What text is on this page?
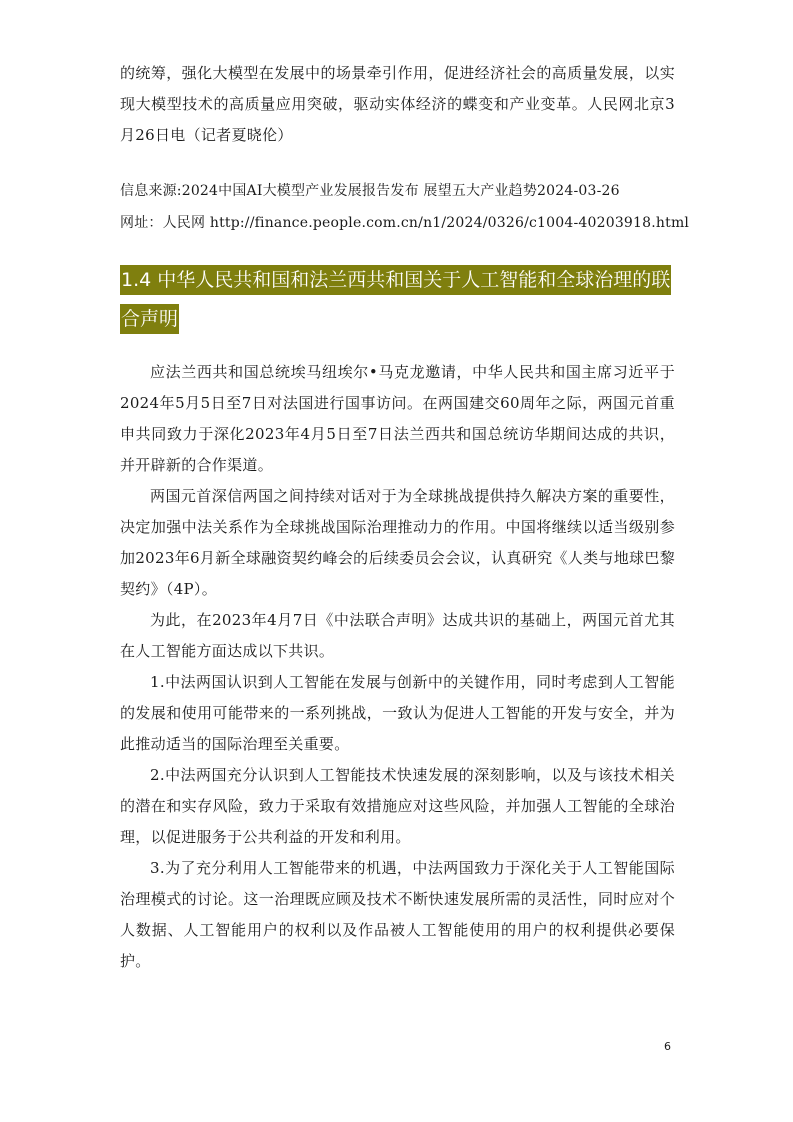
的统筹，强化大模型在发展中的场景牵引作用，促进经济社会的高质量发展，以实现大模型技术的高质量应用突破，驱动实体经济的蝶变和产业变革。人民网北京3月26日电（记者夏晓伦）

信息来源:2024中国AI大模型产业发展报告发布 展望五大产业趋势2024-03-26

网址：人民网 http://finance.people.com.cn/n1/2024/0326/c1004-40203918.html

1.4 中华人民共和国和法兰西共和国关于人工智能和全球治理的联合声明

应法兰西共和国总统埃马纽埃尔•马克龙邀请，中华人民共和国主席习近平于2024年5月5日至7日对法国进行国事访问。在两国建交60周年之际，两国元首重申共同致力于深化2023年4月5日至7日法兰西共和国总统访华期间达成的共识，并开辟新的合作渠道。

两国元首深信两国之间持续对话对于为全球挑战提供持久解决方案的重要性，决定加强中法关系作为全球挑战国际治理推动力的作用。中国将继续以适当级别参加2023年6月新全球融资契约峰会的后续委员会会议，认真研究《人类与地球巴黎契约》（4P）。

为此，在2023年4月7日《中法联合声明》达成共识的基础上，两国元首尤其在人工智能方面达成以下共识。

1.中法两国认识到人工智能在发展与创新中的关键作用，同时考虑到人工智能的发展和使用可能带来的一系列挑战，一致认为促进人工智能的开发与安全，并为此推动适当的国际治理至关重要。

2.中法两国充分认识到人工智能技术快速发展的深刻影响，以及与该技术相关的潜在和实存风险，致力于采取有效措施应对这些风险，并加强人工智能的全球治理，以促进服务于公共利益的开发和利用。

3.为了充分利用人工智能带来的机遇，中法两国致力于深化关于人工智能国际治理模式的讨论。这一治理既应顾及技术不断快速发展所需的灵活性，同时应对个人数据、人工智能用户的权利以及作品被人工智能使用的用户的权利提供必要保护。

6
